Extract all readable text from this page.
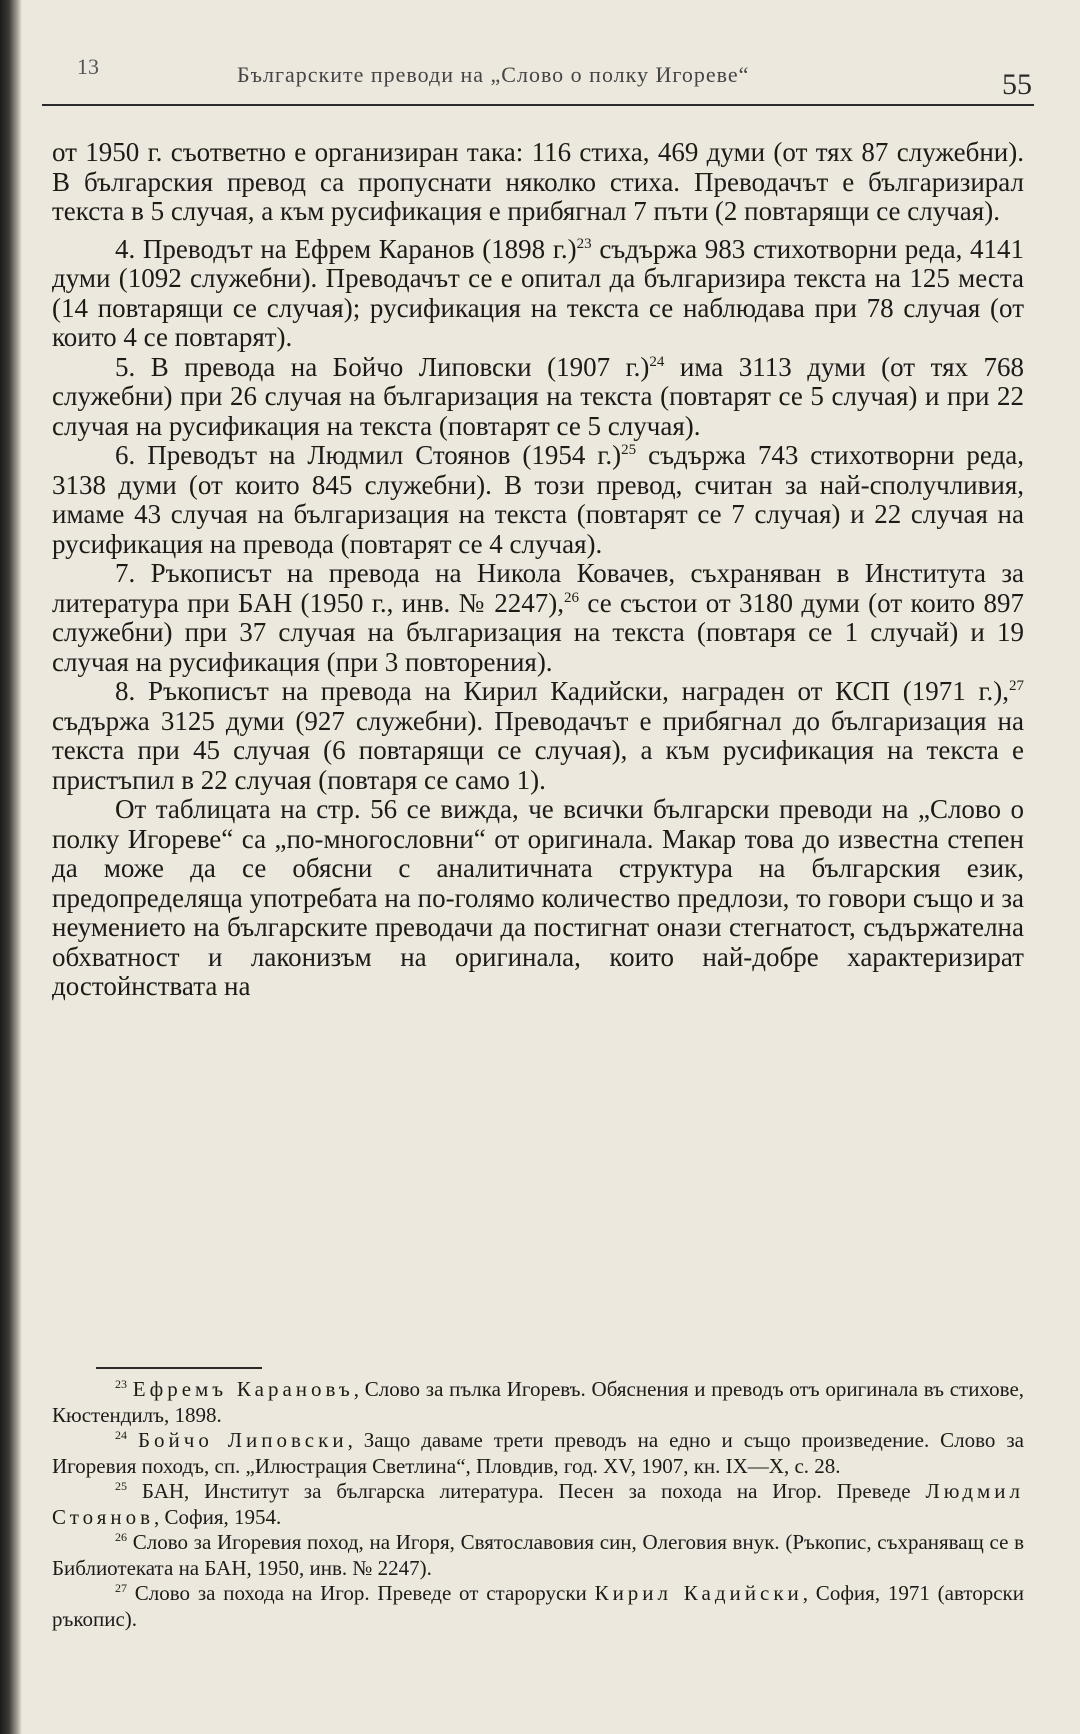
13	Българските преводи на „Слово о полку Игореве“	55

от 1950 г. съответно е организиран така: 116 стиха, 469 думи (от тях 87 служебни). В българския превод са пропуснати няколко стиха. Преводачът е българизирал текста в 5 случая, а към русификация е прибягнал 7 пъти (2 повтарящи се случая).

4. Преводът на Ефрем Каранов (1898 г.)$^{23}$ съдържа 983 стихотворни реда, 4141 думи (1092 служебни). Преводачът се е опитал да българизира текста на 125 места (14 повтарящи се случая); русификация на текста се наблюдава при 78 случая (от които 4 се повтарят).

5. В превода на Бойчо Липовски (1907 г.)$^{24}$ има 3113 думи (от тях 768 служебни) при 26 случая на българизация на текста (повтарят се 5 случая) и при 22 случая на русификация на текста (повтарят се 5 случая).

6. Преводът на Людмил Стоянов (1954 г.)$^{25}$ съдържа 743 стихотворни реда, 3138 думи (от които 845 служебни). В този превод, считан за най-сполучливия, имаме 43 случая на българизация на текста (повтарят се 7 случая) и 22 случая на русификация на превода (повтарят се 4 случая).

7. Ръкописът на превода на Никола Ковачев, съхраняван в Института за литература при БАН (1950 г., инв. № 2247),$^{26}$ се състои от 3180 думи (от които 897 служебни) при 37 случая на българизация на текста (повтаря се 1 случай) и 19 случая на русификация (при 3 повторения).

8. Ръкописът на превода на Кирил Кадийски, награден от КСП (1971 г.),$^{27}$ съдържа 3125 думи (927 служебни). Преводачът е прибягнал до българизация на текста при 45 случая (6 повтарящи се случая), а към русификация на текста е пристъпил в 22 случая (повтаря се само 1).

От таблицата на стр. 56 се вижда, че всички български преводи на „Слово о полку Игореве“ са „по-многословни“ от оригинала. Макар това до известна степен да може да се обясни с аналитичната структура на българския език, предопределяща употребата на по-голямо количество предлози, то говори също и за неумението на българските преводачи да постигнат онази стегнатост, съдържателна обхватност и лаконизъм на оригинала, които най-добре характеризират достойнствата на

$^{23}$ Ефремъ Карановъ, Слово за пълка Игоревъ. Обяснения и преводъ отъ оригинала въ стихове, Кюстендилъ, 1898.

$^{24}$ Бойчо Липовски, Защо даваме трети преводъ на едно и също произведение. Слово за Игоревия походъ, сп. „Илюстрация Светлина“, Пловдив, год. XV, 1907, кн. IX—X, с. 28.

$^{25}$ БАН, Институт за българска литература. Песен за похода на Игор. Преведе Людмил Стоянов, София, 1954.

$^{26}$ Слово за Игоревия поход, на Игоря, Святославовия син, Олеговия внук. (Ръкопис, съхраняващ се в Библиотеката на БАН, 1950, инв. № 2247).

$^{27}$ Слово за похода на Игор. Преведе от староруски Кирил Кадийски, София, 1971 (авторски ръкопис).
